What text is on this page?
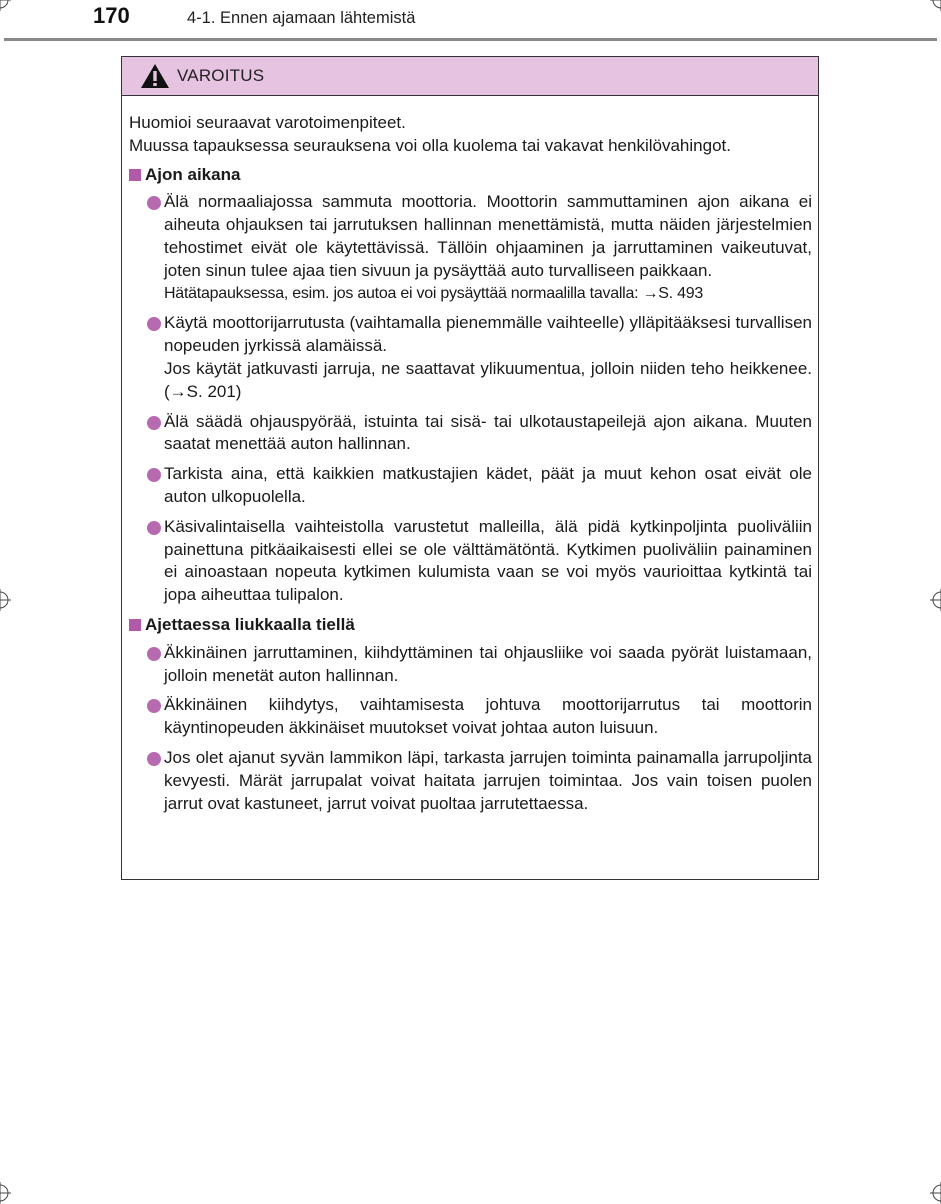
170	4-1. Ennen ajamaan lähtemistä
VAROITUS
Huomioi seuraavat varotoimenpiteet.
Muussa tapauksessa seurauksena voi olla kuolema tai vakavat henkilövahingot.
Ajon aikana

Älä normaaliajossa sammuta moottoria. Moottorin sammuttaminen ajon aikana ei aiheuta ohjauksen tai jarrutuksen hallinnan menettämistä, mutta näiden järjestelmien tehostimet eivät ole käytettävissä. Tällöin ohjaaminen ja jarruttaminen vaikeutuvat, joten sinun tulee ajaa tien sivuun ja pysäyttää auto turvalliseen paikkaan.

Hätätapauksessa, esim. jos autoa ei voi pysäyttää normaalilla tavalla: →S. 493

Käytä moottorijarrutusta (vaihtamalla pienemmälle vaihteelle) ylläpitääksesi turvallisen nopeuden jyrkissä alamäissä.

Jos käytät jatkuvasti jarruja, ne saattavat ylikuumentua, jolloin niiden teho heikkenee. (→S. 201)

Älä säädä ohjauspyörää, istuinta tai sisä- tai ulkotaustapeilejä ajon aikana. Muuten saatat menettää auton hallinnan.

Tarkista aina, että kaikkien matkustajien kädet, päät ja muut kehon osat eivät ole auton ulkopuolella.

Käsivalintaisella vaihteistolla varustetut malleilla, älä pidä kytkinpoljinta puoliväliin painettuna pitkäaikaisesti ellei se ole välttämätöntä. Kytkimen puoliväliin painaminen ei ainoastaan nopeuta kytkimen kulumista vaan se voi myös vaurioittaa kytkintä tai jopa aiheuttaa tulipalon.

Ajettaessa liukkaalla tiellä

Äkkinäinen jarruttaminen, kiihdyttäminen tai ohjausliike voi saada pyörät luistamaan, jolloin menetät auton hallinnan.

Äkkinäinen kiihdytys, vaihtamisesta johtuva moottorijarrutus tai moottorin käyntinopeuden äkkinäiset muutokset voivat johtaa auton luisuun.

Jos olet ajanut syvän lammikon läpi, tarkasta jarrujen toiminta painamalla jarrupoljinta kevyesti. Märät jarrupalat voivat haitata jarrujen toimintaa. Jos vain toisen puolen jarrut ovat kastuneet, jarrut voivat puoltaa jarrutettaessa.
